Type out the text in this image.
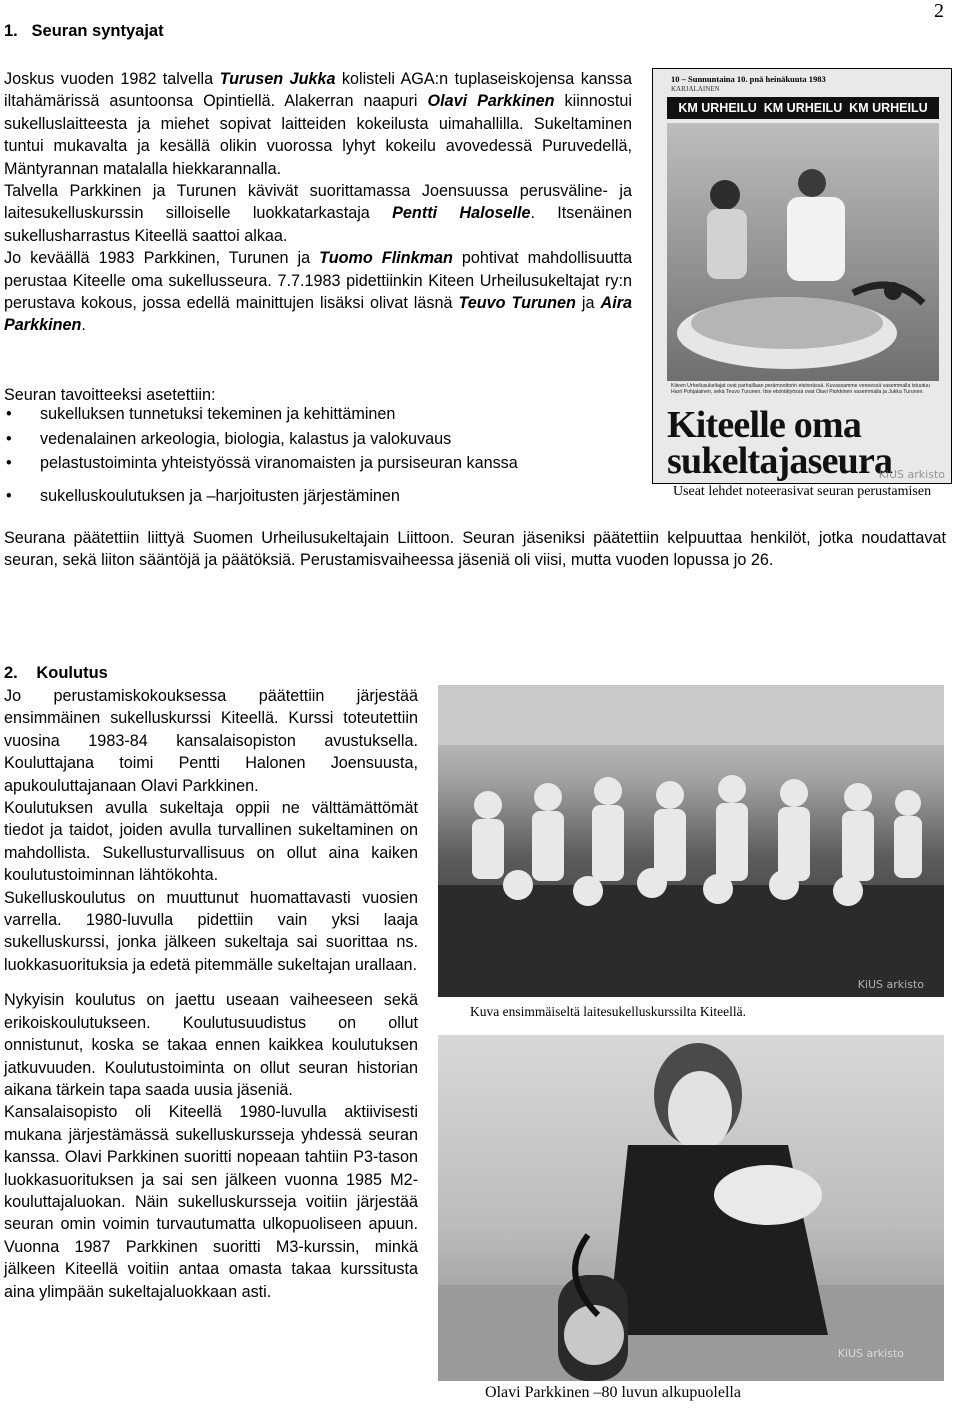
2
1.   Seuran syntyajat

Joskus vuoden 1982 talvella Turusen Jukka kolisteli AGA:n tuplaseiskojensa kanssa iltahämärissä asuntoonsa Opintiellä. Alakerran naapuri Olavi Parkkinen kiinnostui sukelluslaitteesta ja miehet sopivat laitteiden kokeilusta uimahallilla. Sukeltaminen tuntui mukavalta ja kesällä olikin vuorossa lyhyt kokeilu avovedessä Puruvedellä, Mäntyrannan matalalla hiekkarannalla.

Talvella Parkkinen ja Turunen kävivät suorittamassa Joensuussa perusväline- ja laitesukelluskurssin silloiselle luokkatarkastaja Pentti Haloselle. Itsenäinen sukellusharrastus Kiteellä saattoi alkaa.

Jo keväällä 1983 Parkkinen, Turunen ja Tuomo Flinkman pohtivat mahdollisuutta perustaa Kiteelle oma sukellusseura. 7.7.1983 pidettiinkin Kiteen Urheilusukeltajat ry:n perustava kokous, jossa edellä mainittujen lisäksi olivat läsnä Teuvo Turunen ja Aira Parkkinen.

Seuran tavoitteeksi asetettiin:
• sukelluksen tunnetuksi tekeminen ja kehittäminen
• vedenalainen arkeologia, biologia, kalastus ja valokuvaus
• pelastustoiminta yhteistyössä viranomaisten ja pursiseuran kanssa
• sukelluskoulutuksen ja –harjoitusten järjestäminen
10 – Sunnuntaina 10. pnä heinäkuuta 1983
KARJALAINEN
KM URHEILU  KM URHEILU  KM URHEILU
Kiteen Urheilusukeltajat ovat parhaillaan perämoottorin etsinnässä. Kuvassamme veneessä vasemmalla istuutuu Harri Pohjalainen, sekä Teuvo Turunen. Itse etsintätyössä ovat Olavi Parkkinen vasemmalla ja Jukka Turunen.
Kiteelle oma
sukeltajaseura
KiUS arkisto
Useat lehdet noteerasivat seuran perustamisen

Seurana päätettiin liittyä Suomen Urheilusukeltajain Liittoon. Seuran jäseniksi päätettiin kelpuuttaa henkilöt, jotka noudattavat seuran, sekä liiton sääntöjä ja päätöksiä. Perustamisvaiheessa jäseniä oli viisi, mutta vuoden lopussa jo 26.

2. Koulutus

Jo perustamiskokouksessa päätettiin järjestää ensimmäinen sukelluskurssi Kiteellä. Kurssi toteutettiin vuosina 1983-84 kansalaisopiston avustuksella. Kouluttajana toimi Pentti Halonen Joensuusta, apukouluttajanaan Olavi Parkkinen.

Koulutuksen avulla sukeltaja oppii ne välttämättömät tiedot ja taidot, joiden avulla turvallinen sukeltaminen on mahdollista. Sukellusturvallisuus on ollut aina kaiken koulutustoiminnan lähtökohta.

Sukelluskoulutus on muuttunut huomattavasti vuosien varrella. 1980-luvulla pidettiin vain yksi laaja sukelluskurssi, jonka jälkeen sukeltaja sai suorittaa ns. luokkasuorituksia ja edetä pitemmälle sukeltajan urallaan.

Nykyisin koulutus on jaettu useaan vaiheeseen sekä erikoiskoulutukseen. Koulutusuudistus on ollut onnistunut, koska se takaa ennen kaikkea koulutuksen jatkuvuuden. Koulutustoiminta on ollut seuran historian aikana tärkein tapa saada uusia jäseniä.

Kansalaisopisto oli Kiteellä 1980-luvulla aktiivisesti mukana järjestämässä sukelluskursseja yhdessä seuran kanssa. Olavi Parkkinen suoritti nopeaan tahtiin P3-tason luokkasuorituksen ja sai sen jälkeen vuonna 1985 M2-kouluttajaluokan. Näin sukelluskursseja voitiin järjestää seuran omin voimin turvautumatta ulkopuoliseen apuun. Vuonna 1987 Parkkinen suoritti M3-kurssin, minkä jälkeen Kiteellä voitiin antaa omasta takaa kurssitusta aina ylimpään sukeltajaluokkaan asti.

KiUS arkisto
Kuva ensimmäiseltä laitesukelluskurssilta Kiteellä.
KiUS arkisto
Olavi Parkkinen –80 luvun alkupuolella
